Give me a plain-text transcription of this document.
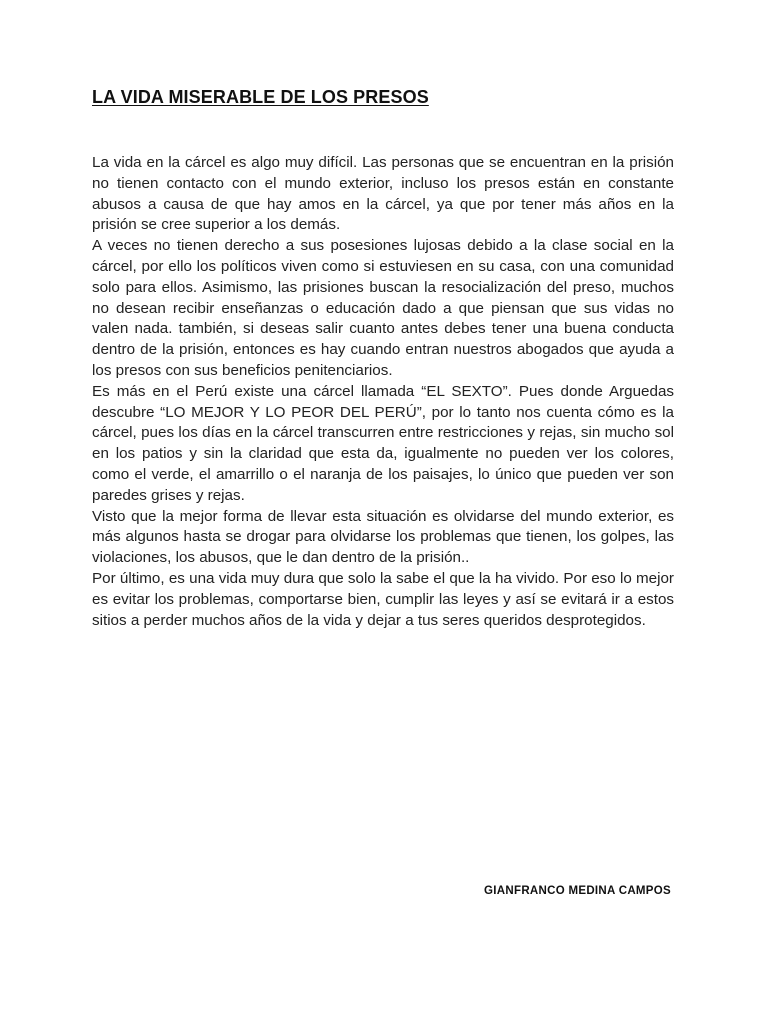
LA VIDA MISERABLE DE LOS PRESOS

La vida en la cárcel es algo muy difícil. Las personas que se encuentran en la prisión no tienen contacto con el mundo exterior, incluso los presos están en constante abusos a causa de que hay amos en la cárcel, ya que por tener más años en la prisión se cree superior a los demás.

A veces no tienen derecho a sus posesiones lujosas debido a la clase social en la cárcel, por ello los políticos viven como si estuviesen en su casa, con una comunidad solo para ellos. Asimismo, las prisiones buscan la resocialización del preso, muchos no desean recibir enseñanzas o educación dado a que piensan que sus vidas no valen nada. también, si deseas salir cuanto antes debes tener una buena conducta dentro de la prisión, entonces es hay cuando entran nuestros abogados que ayuda a los presos con sus beneficios penitenciarios.

Es más en el Perú existe una cárcel llamada “EL SEXTO”. Pues donde Arguedas descubre “LO MEJOR Y LO PEOR DEL PERÚ”, por lo tanto nos cuenta cómo es la cárcel, pues los días en la cárcel transcurren entre restricciones y rejas, sin mucho sol en los patios y sin la claridad que esta da, igualmente no pueden ver los colores, como el verde, el amarrillo o el naranja de los paisajes, lo único que pueden ver son paredes grises y rejas.

Visto que la mejor forma de llevar esta situación es olvidarse del mundo exterior, es más algunos hasta se drogar para olvidarse los problemas que tienen, los golpes, las violaciones, los abusos, que le dan dentro de la prisión..

Por último, es una vida muy dura que solo la sabe el que la ha vivido. Por eso lo mejor es evitar los problemas, comportarse bien, cumplir las leyes y así se evitará ir a estos sitios a perder muchos años de la vida y dejar a tus seres queridos desprotegidos.

GIANFRANCO MEDINA CAMPOS
